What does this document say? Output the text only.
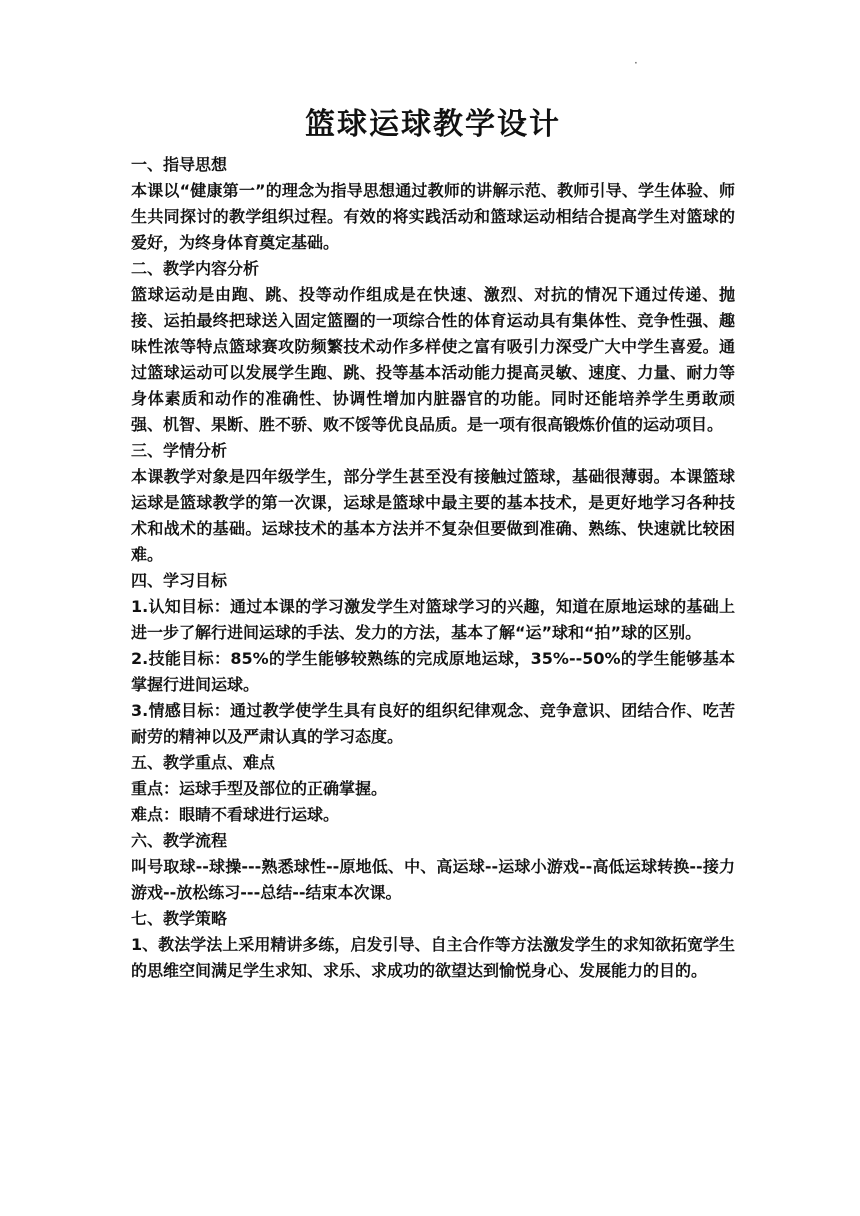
·
篮球运球教学设计

一、指导思想

本课以“健康第一”的理念为指导思想通过教师的讲解示范、教师引导、学生体验、师生共同探讨的教学组织过程。有效的将实践活动和篮球运动相结合提高学生对篮球的爱好，为终身体育奠定基础。

二、教学内容分析

篮球运动是由跑、跳、投等动作组成是在快速、激烈、对抗的情况下通过传递、抛接、运拍最终把球送入固定篮圈的一项综合性的体育运动具有集体性、竞争性强、趣味性浓等特点篮球赛攻防频繁技术动作多样使之富有吸引力深受广大中学生喜爱。通过篮球运动可以发展学生跑、跳、投等基本活动能力提高灵敏、速度、力量、耐力等身体素质和动作的准确性、协调性增加内脏器官的功能。同时还能培养学生勇敢顽强、机智、果断、胜不骄、败不馁等优良品质。是一项有很高锻炼价值的运动项目。

三、学情分析

本课教学对象是四年级学生，部分学生甚至没有接触过篮球，基础很薄弱。本课篮球运球是篮球教学的第一次课，运球是篮球中最主要的基本技术，是更好地学习各种技术和战术的基础。运球技术的基本方法并不复杂但要做到准确、熟练、快速就比较困难。

四、学习目标

1.认知目标：通过本课的学习激发学生对篮球学习的兴趣，知道在原地运球的基础上进一步了解行进间运球的手法、发力的方法，基本了解“运”球和“拍”球的区别。

2.技能目标：85%的学生能够较熟练的完成原地运球，35%--50%的学生能够基本掌握行进间运球。

3.情感目标：通过教学使学生具有良好的组织纪律观念、竞争意识、团结合作、吃苦耐劳的精神以及严肃认真的学习态度。

五、教学重点、难点

重点：运球手型及部位的正确掌握。

难点：眼睛不看球进行运球。

六、教学流程

叫号取球--球操---熟悉球性--原地低、中、高运球--运球小游戏--高低运球转换--接力游戏--放松练习---总结--结束本次课。

七、教学策略

1、教法学法上采用精讲多练，启发引导、自主合作等方法激发学生的求知欲拓宽学生的思维空间满足学生求知、求乐、求成功的欲望达到愉悦身心、发展能力的目的。
